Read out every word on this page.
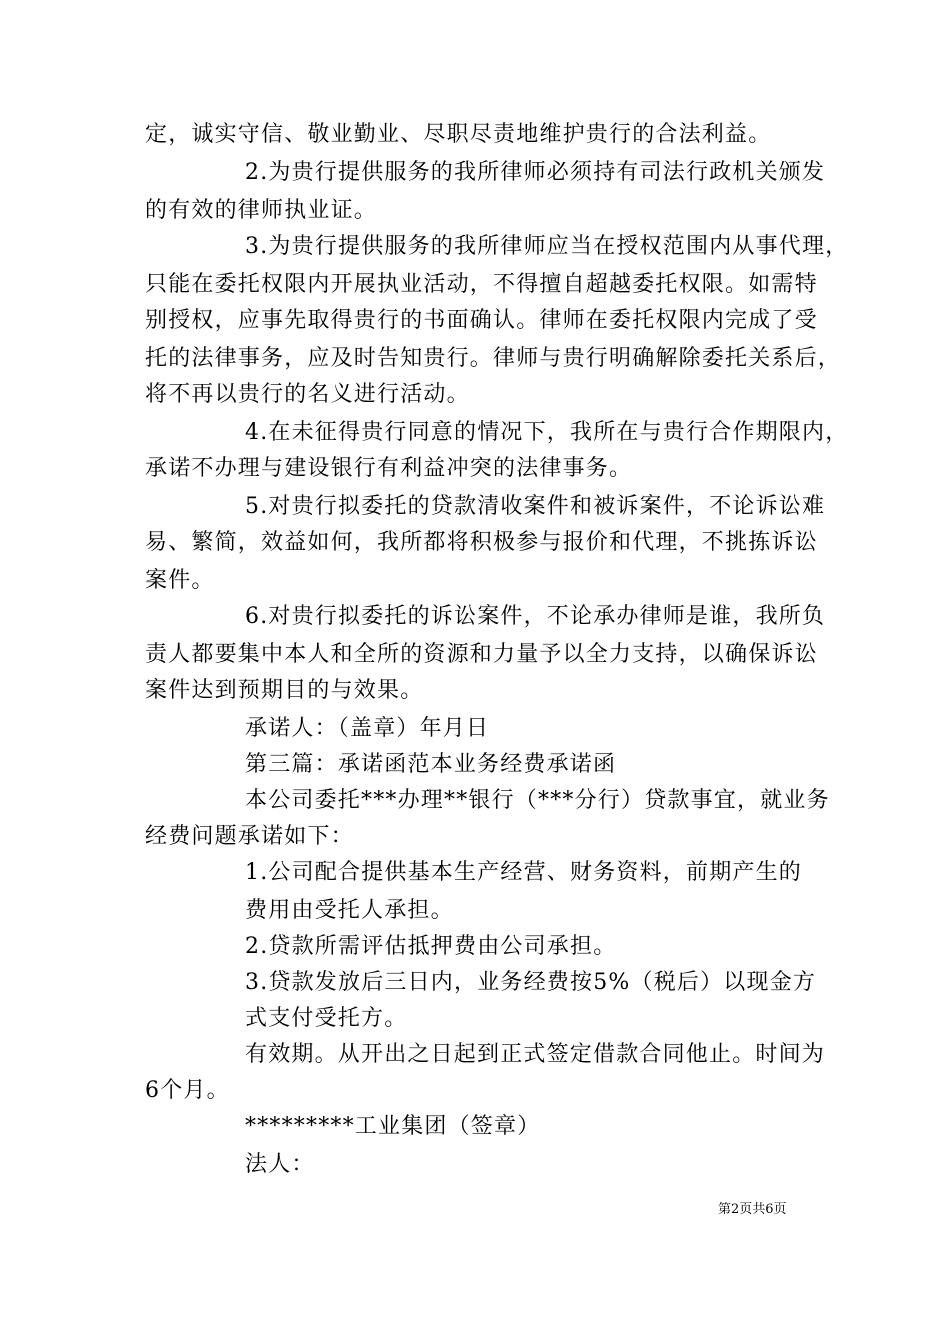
定，诚实守信、敬业勤业、尽职尽责地维护贵行的合法利益。
2.为贵行提供服务的我所律师必须持有司法行政机关颁发
的有效的律师执业证。
3.为贵行提供服务的我所律师应当在授权范围内从事代理，
只能在委托权限内开展执业活动，不得擅自超越委托权限。如需特
别授权，应事先取得贵行的书面确认。律师在委托权限内完成了受
托的法律事务，应及时告知贵行。律师与贵行明确解除委托关系后，
将不再以贵行的名义进行活动。
4.在未征得贵行同意的情况下，我所在与贵行合作期限内，
承诺不办理与建设银行有利益冲突的法律事务。
5.对贵行拟委托的贷款清收案件和被诉案件，不论诉讼难
易、繁简，效益如何，我所都将积极参与报价和代理，不挑拣诉讼
案件。
6.对贵行拟委托的诉讼案件，不论承办律师是谁，我所负
责人都要集中本人和全所的资源和力量予以全力支持，以确保诉讼
案件达到预期目的与效果。
承诺人：（盖章）年月日
第三篇：承诺函范本业务经费承诺函
本公司委托***办理**银行（***分行）贷款事宜，就业务
经费问题承诺如下：
1.公司配合提供基本生产经营、财务资料，前期产生的
费用由受托人承担。
2.贷款所需评估抵押费由公司承担。
3.贷款发放后三日内，业务经费按5%（税后）以现金方
式支付受托方。
有效期。从开出之日起到正式签定借款合同他止。时间为
6个月。
*********工业集团（签章）
法人：
第2页共6页
